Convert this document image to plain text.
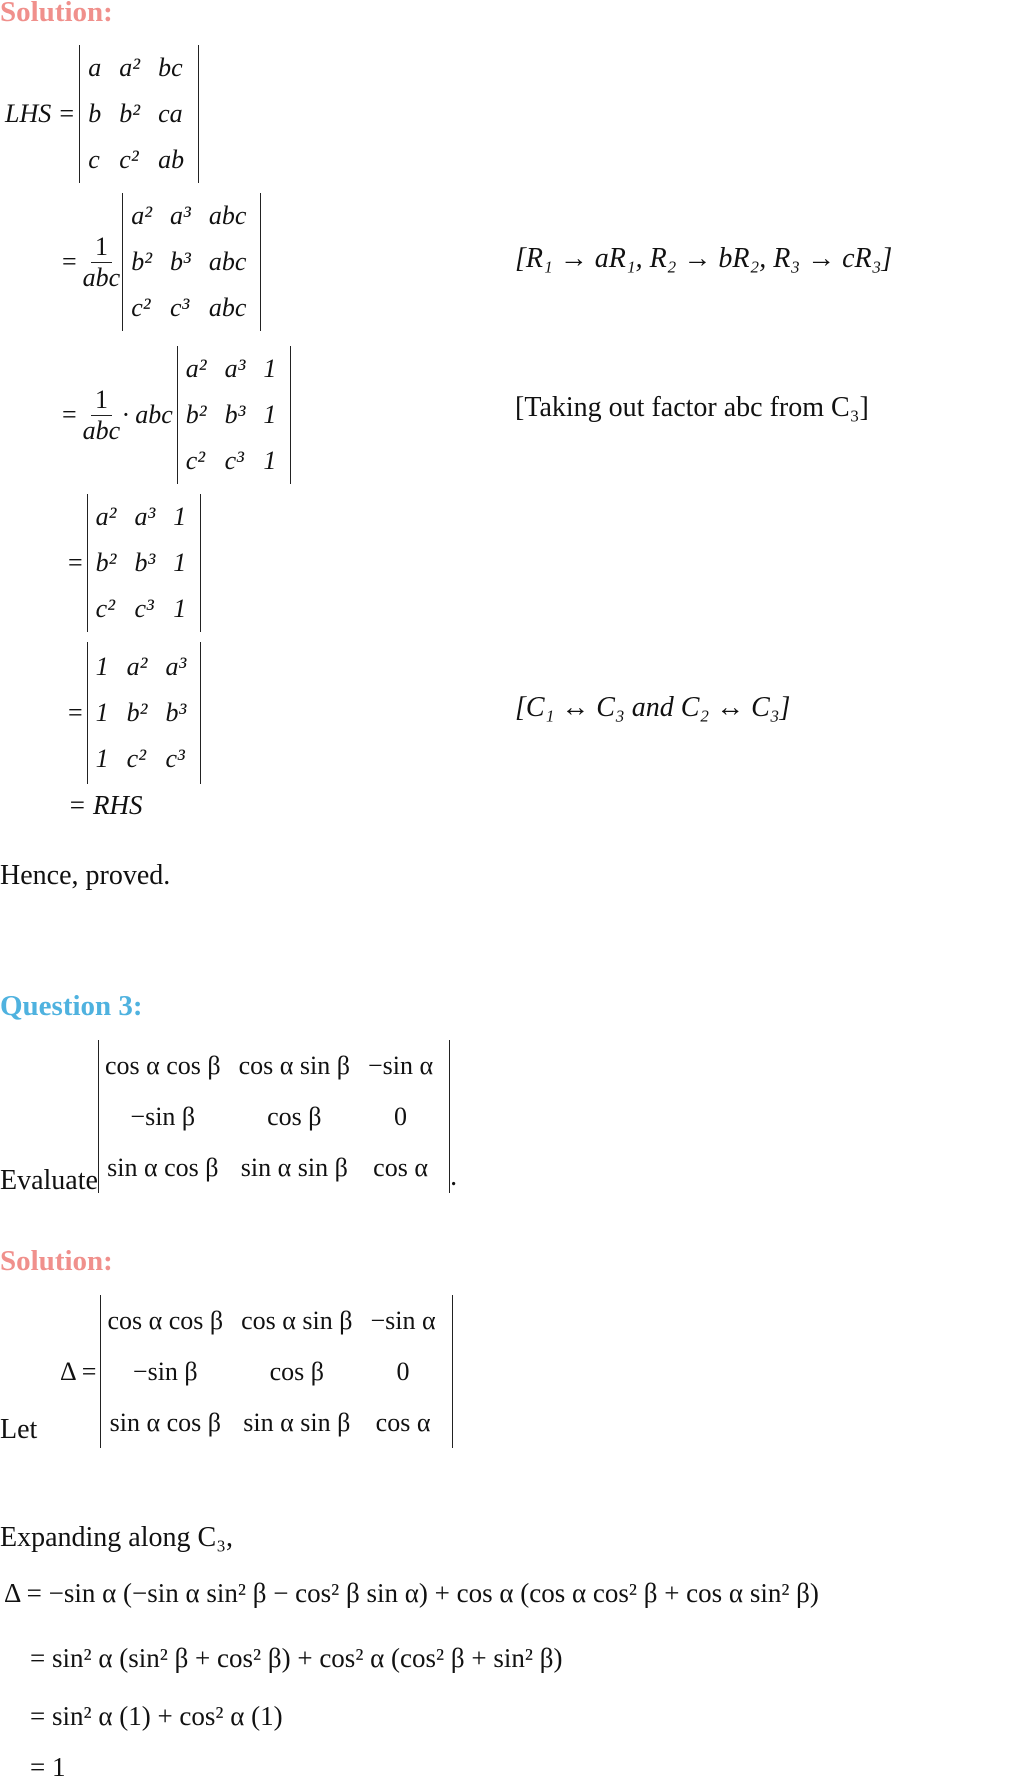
Solution:
LHS =
a	a²	bc
b	b²	ca
c	c²	ab
= $\frac{1}{\text{abc}}$
a²	a³	abc
b²	b³	abc
c²	c³	abc
[R₁ → aR₁, R₂ → bR₂, R₃ → cR₃]
= $\frac{1}{\text{abc}}$ · abc
a²	a³	1
b²	b³	1
c²	c³	1
[Taking out factor abc from C₃]
=
a²	a³	1
b²	b³	1
c²	c³	1
=
1	a²	a³
1	b²	b³
1	c²	c³
[C₁ ↔ C₃ and C₂ ↔ C₃]
= RHS
Hence, proved.
Question 3:
Evaluate
cos α cos β	cos α sin β	−sin α
−sin β	cos β	0
sin α cos β	sin α sin β	cos α .
Solution:
Let
Δ =
cos α cos β	cos α sin β	−sin α
−sin β	cos β	0
sin α cos β	sin α sin β	cos α
Expanding along C₃,
Δ = −sin α (−sin α sin² β − cos² β sin α) + cos α (cos α cos² β + cos α sin² β)
= sin² α (sin² β + cos² β) + cos² α (cos² β + sin² β)
= sin² α (1) + cos² α (1)
= 1
